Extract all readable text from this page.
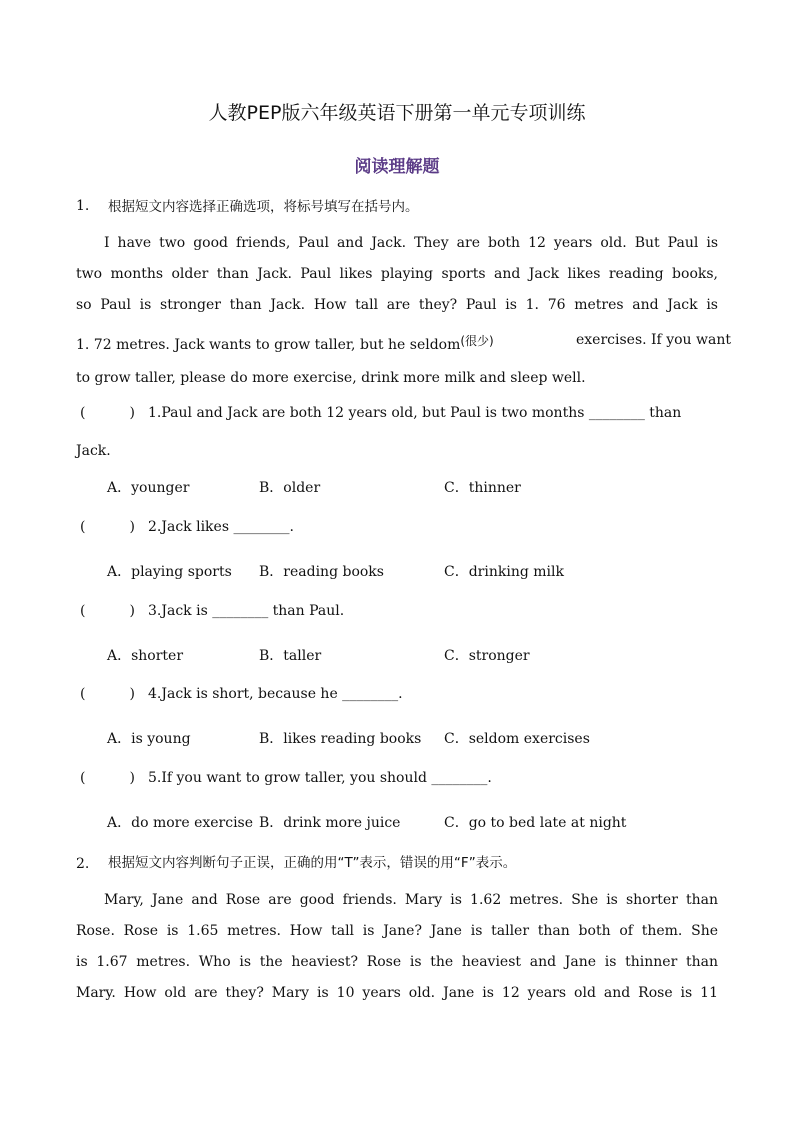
人教PEP版六年级英语下册第一单元专项训练
阅读理解题
1. 根据短文内容选择正确选项，将标号填写在括号内。
I have two good friends, Paul and Jack. They are both 12 years old. But Paul is
two months older than Jack. Paul likes playing sports and Jack likes reading books,
so Paul is stronger than Jack. How tall are they? Paul is 1. 76 metres and Jack is
1. 72 metres. Jack wants to grow taller, but he seldom$^{(很少)}$	exercises. If you want
to grow taller, please do more exercise, drink more milk and sleep well.
(	) 1.Paul and Jack are both 12 years old, but Paul is two months ________ than
Jack.
A．younger	B．older	C．thinner
(	) 2.Jack likes ________.
A．playing sports B．reading books	C．drinking milk
(	) 3.Jack is ________ than Paul.
A．shorter	B．taller	C．stronger
(	) 4.Jack is short, because he ________.
A．is young	B．likes reading books C．seldom exercises
(	) 5.If you want to grow taller, you should ________.
A．do more exercise B．drink more juice	C．go to bed late at night
2. 根据短文内容判断句子正误，正确的用“T”表示，错误的用“F”表示。
Mary, Jane and Rose are good friends. Mary is 1.62 metres. She is shorter than
Rose. Rose is 1.65 metres. How tall is Jane? Jane is taller than both of them. She
is 1.67 metres. Who is the heaviest? Rose is the heaviest and Jane is thinner than
Mary. How old are they? Mary is 10 years old. Jane is 12 years old and Rose is 11
